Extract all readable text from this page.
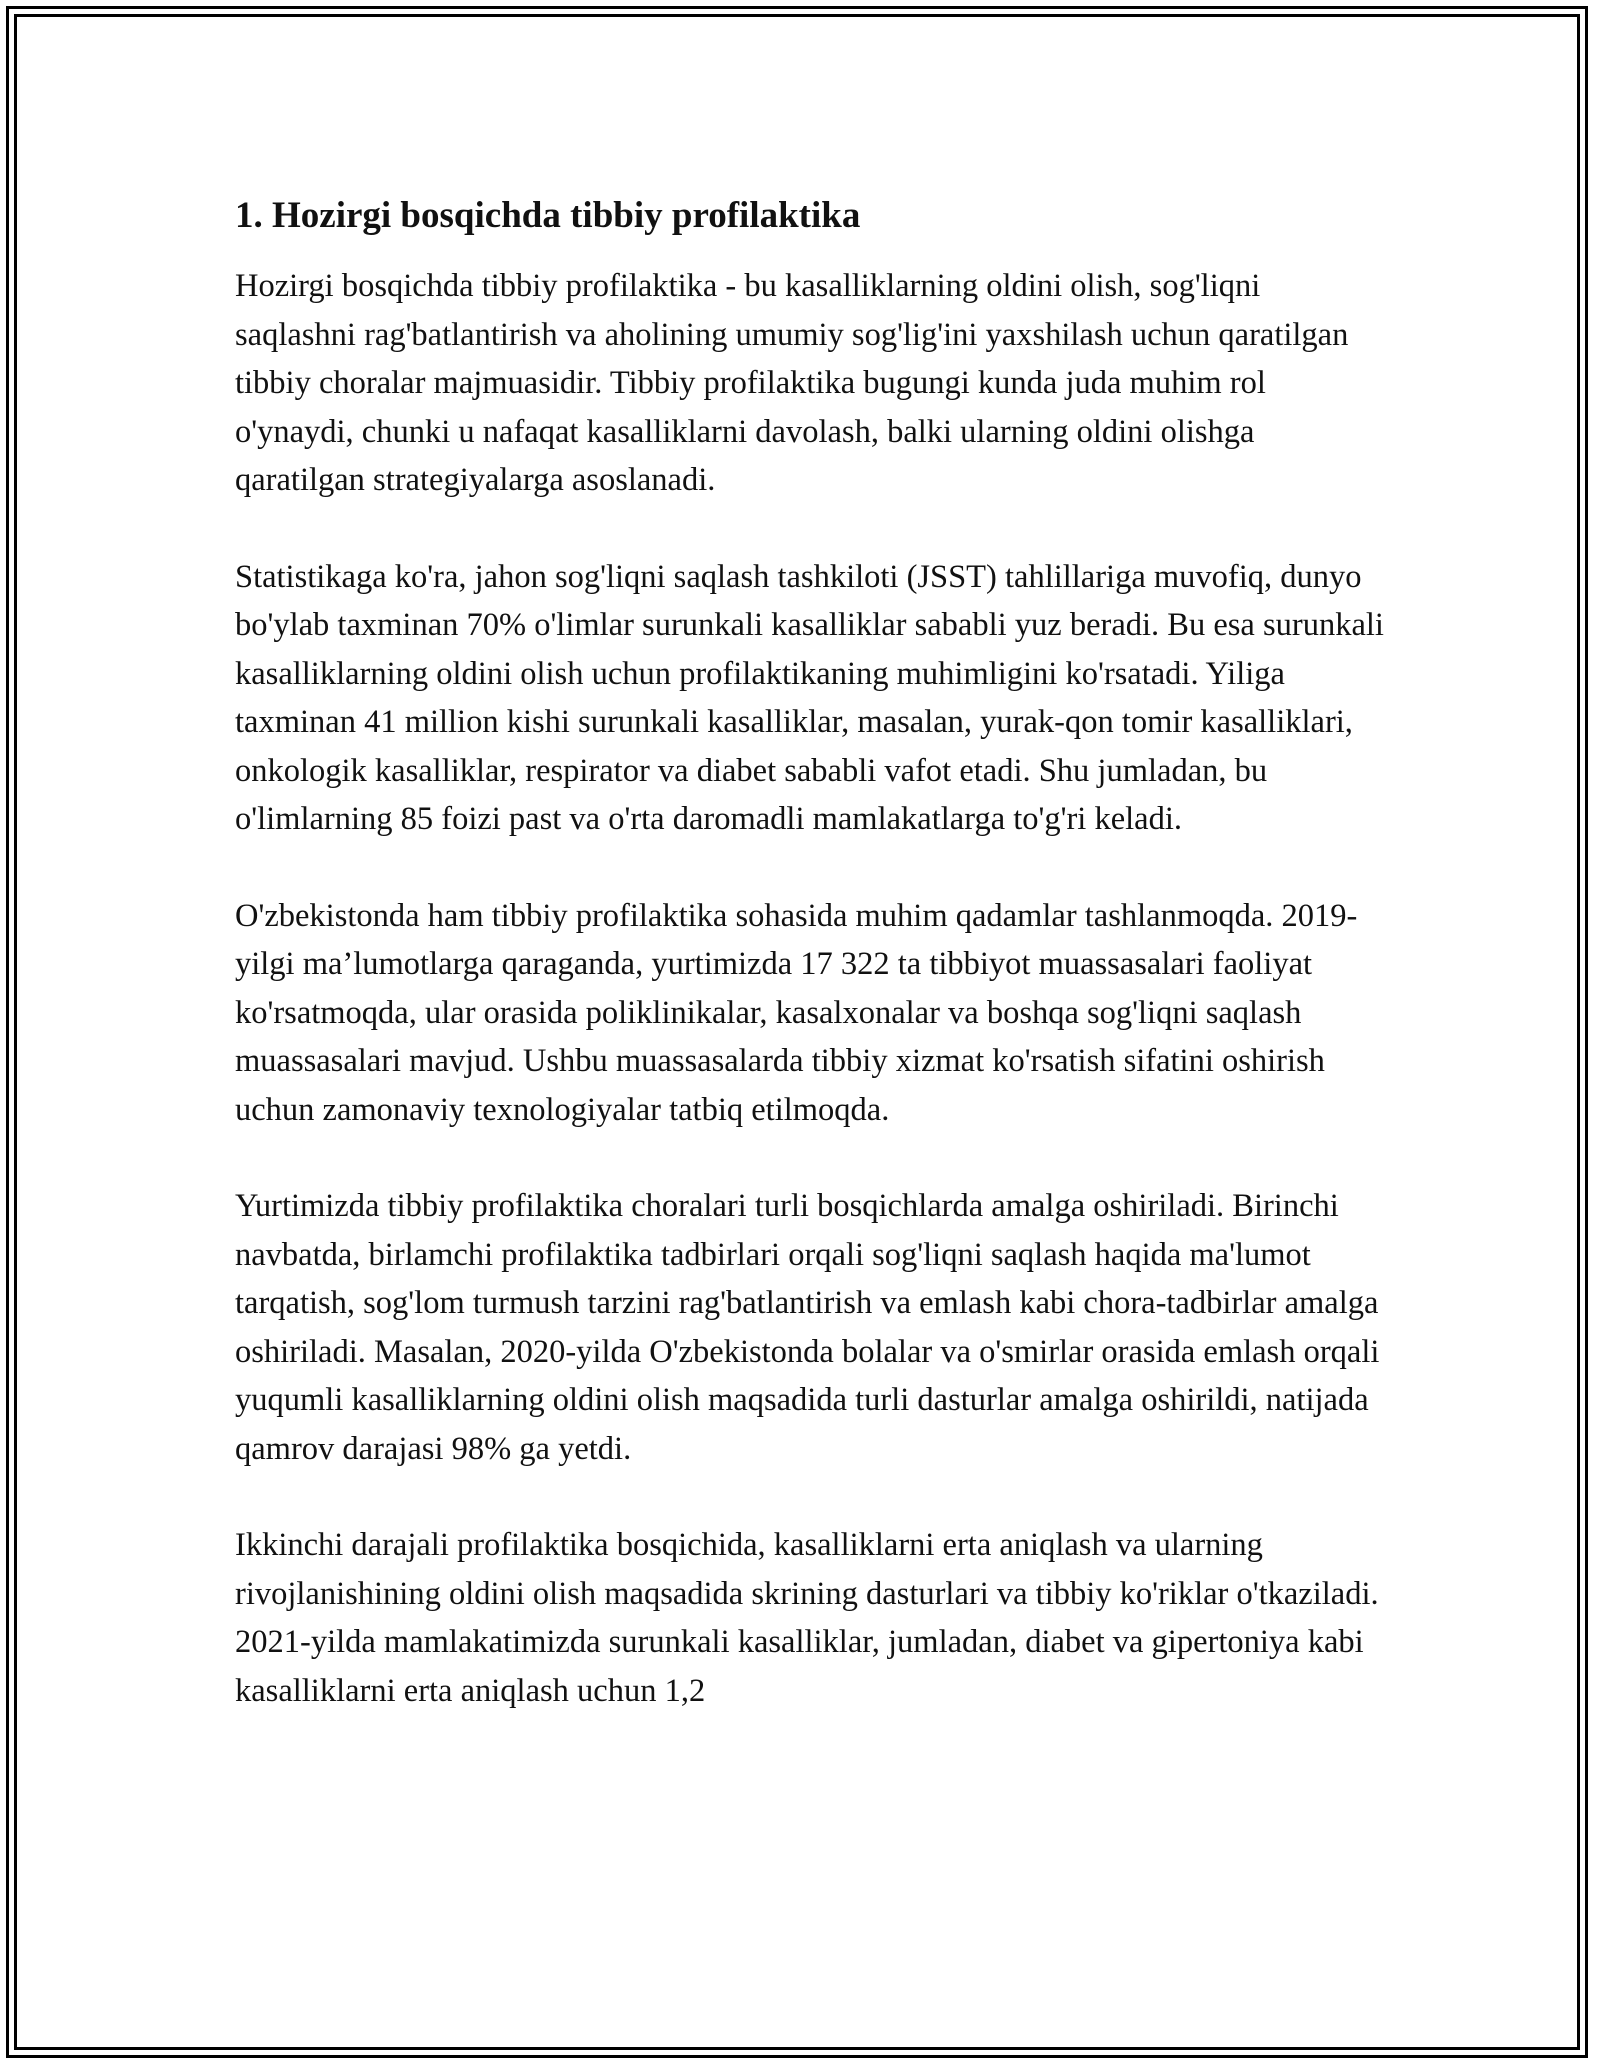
1. Hozirgi bosqichda tibbiy profilaktika

Hozirgi bosqichda tibbiy profilaktika - bu kasalliklarning oldini olish, sog'liqni saqlashni rag'batlantirish va aholining umumiy sog'lig'ini yaxshilash uchun qaratilgan tibbiy choralar majmuasidir. Tibbiy profilaktika bugungi kunda juda muhim rol o'ynaydi, chunki u nafaqat kasalliklarni davolash, balki ularning oldini olishga qaratilgan strategiyalarga asoslanadi.

Statistikaga ko'ra, jahon sog'liqni saqlash tashkiloti (JSST) tahlillariga muvofiq, dunyo bo'ylab taxminan 70% o'limlar surunkali kasalliklar sababli yuz beradi. Bu esa surunkali kasalliklarning oldini olish uchun profilaktikaning muhimligini ko'rsatadi. Yiliga taxminan 41 million kishi surunkali kasalliklar, masalan, yurak-qon tomir kasalliklari, onkologik kasalliklar, respirator va diabet sababli vafot etadi. Shu jumladan, bu o'limlarning 85 foizi past va o'rta daromadli mamlakatlarga to'g'ri keladi.

O'zbekistonda ham tibbiy profilaktika sohasida muhim qadamlar tashlanmoqda. 2019-yilgi ma’lumotlarga qaraganda, yurtimizda 17 322 ta tibbiyot muassasalari faoliyat ko'rsatmoqda, ular orasida poliklinikalar, kasalxonalar va boshqa sog'liqni saqlash muassasalari mavjud. Ushbu muassasalarda tibbiy xizmat ko'rsatish sifatini oshirish uchun zamonaviy texnologiyalar tatbiq etilmoqda.

Yurtimizda tibbiy profilaktika choralari turli bosqichlarda amalga oshiriladi. Birinchi navbatda, birlamchi profilaktika tadbirlari orqali sog'liqni saqlash haqida ma'lumot tarqatish, sog'lom turmush tarzini rag'batlantirish va emlash kabi chora-tadbirlar amalga oshiriladi. Masalan, 2020-yilda O'zbekistonda bolalar va o'smirlar orasida emlash orqali yuqumli kasalliklarning oldini olish maqsadida turli dasturlar amalga oshirildi, natijada qamrov darajasi 98% ga yetdi.

Ikkinchi darajali profilaktika bosqichida, kasalliklarni erta aniqlash va ularning rivojlanishining oldini olish maqsadida skrining dasturlari va tibbiy ko'riklar o'tkaziladi. 2021-yilda mamlakatimizda surunkali kasalliklar, jumladan, diabet va gipertoniya kabi kasalliklarni erta aniqlash uchun 1,2
